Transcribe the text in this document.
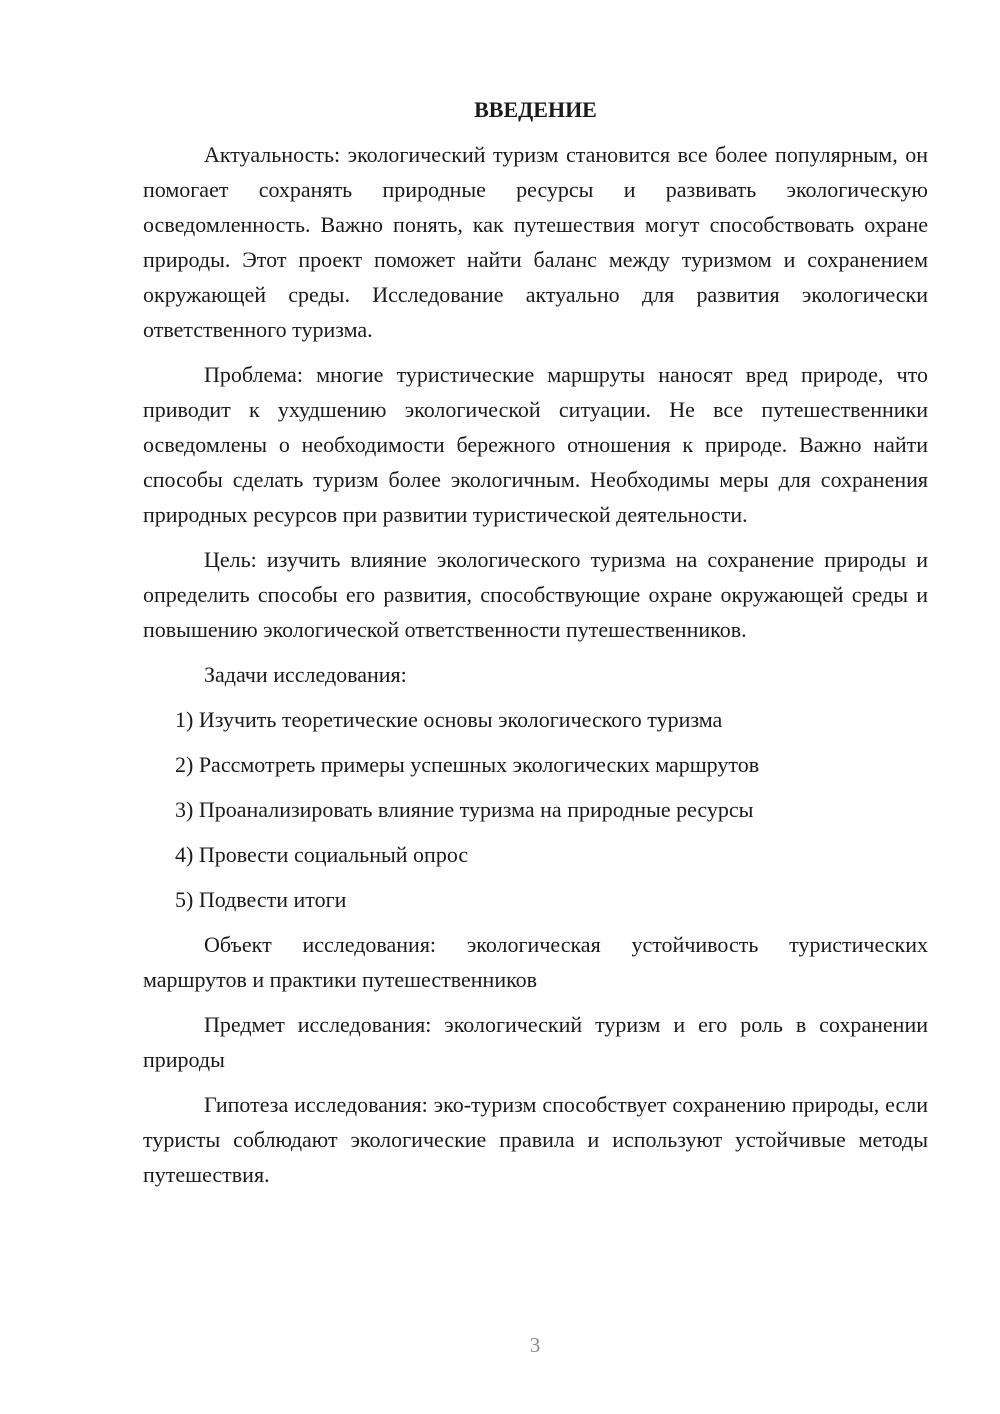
ВВЕДЕНИЕ

Актуальность: экологический туризм становится все более популярным, он помогает сохранять природные ресурсы и развивать экологическую осведомленность. Важно понять, как путешествия могут способствовать охране природы. Этот проект поможет найти баланс между туризмом и сохранением окружающей среды. Исследование актуально для развития экологически ответственного туризма.

Проблема: многие туристические маршруты наносят вред природе, что приводит к ухудшению экологической ситуации. Не все путешественники осведомлены о необходимости бережного отношения к природе. Важно найти способы сделать туризм более экологичным. Необходимы меры для сохранения природных ресурсов при развитии туристической деятельности.

Цель: изучить влияние экологического туризма на сохранение природы и определить способы его развития, способствующие охране окружающей среды и повышению экологической ответственности путешественников.

Задачи исследования:
1) Изучить теоретические основы экологического туризма
2) Рассмотреть примеры успешных экологических маршрутов
3) Проанализировать влияние туризма на природные ресурсы
4) Провести социальный опрос
5) Подвести итоги

Объект исследования: экологическая устойчивость туристических маршрутов и практики путешественников

Предмет исследования: экологический туризм и его роль в сохранении природы

Гипотеза исследования: эко-туризм способствует сохранению природы, если туристы соблюдают экологические правила и используют устойчивые методы путешествия.

3
